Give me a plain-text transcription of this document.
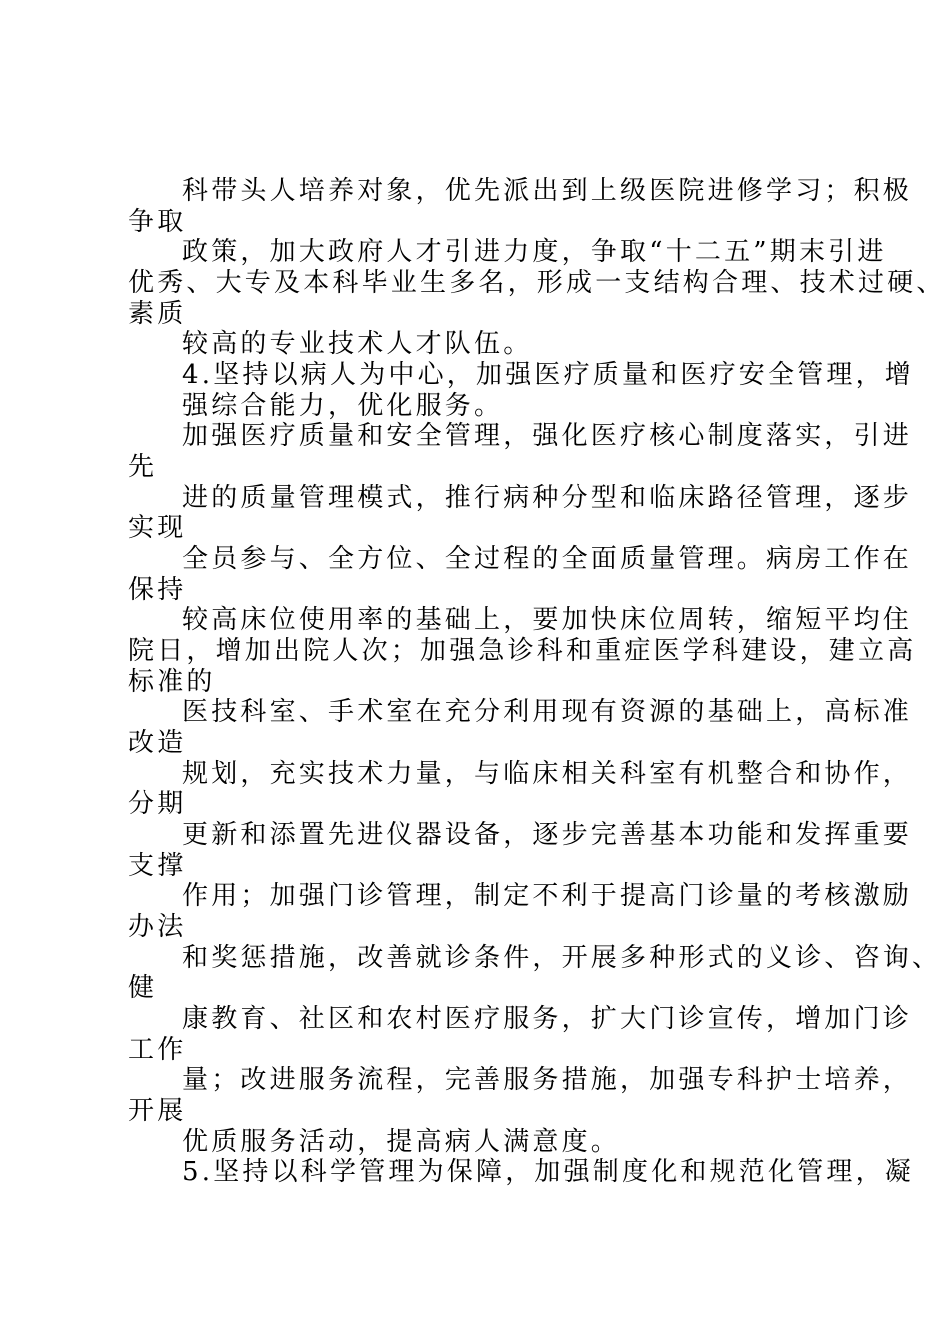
科带头人培养对象，优先派出到上级医院进修学习；积极
争取
政策，加大政府人才引进力度，争取“十二五”期末引进
优秀、大专及本科毕业生多名，形成一支结构合理、技术过硬、
素质
较高的专业技术人才队伍。
4.坚持以病人为中心，加强医疗质量和医疗安全管理，增
强综合能力，优化服务。
加强医疗质量和安全管理，强化医疗核心制度落实，引进
先
进的质量管理模式，推行病种分型和临床路径管理，逐步
实现
全员参与、全方位、全过程的全面质量管理。病房工作在
保持
较高床位使用率的基础上，要加快床位周转，缩短平均住
院日，增加出院人次；加强急诊科和重症医学科建设，建立高
标准的
医技科室、手术室在充分利用现有资源的基础上，高标准
改造
规划，充实技术力量，与临床相关科室有机整合和协作，
分期
更新和添置先进仪器设备，逐步完善基本功能和发挥重要
支撑
作用；加强门诊管理，制定不利于提高门诊量的考核激励
办法
和奖惩措施，改善就诊条件，开展多种形式的义诊、咨询、
健
康教育、社区和农村医疗服务，扩大门诊宣传，增加门诊
工作
量；改进服务流程，完善服务措施，加强专科护士培养，
开展
优质服务活动，提高病人满意度。
5.坚持以科学管理为保障，加强制度化和规范化管理，凝
